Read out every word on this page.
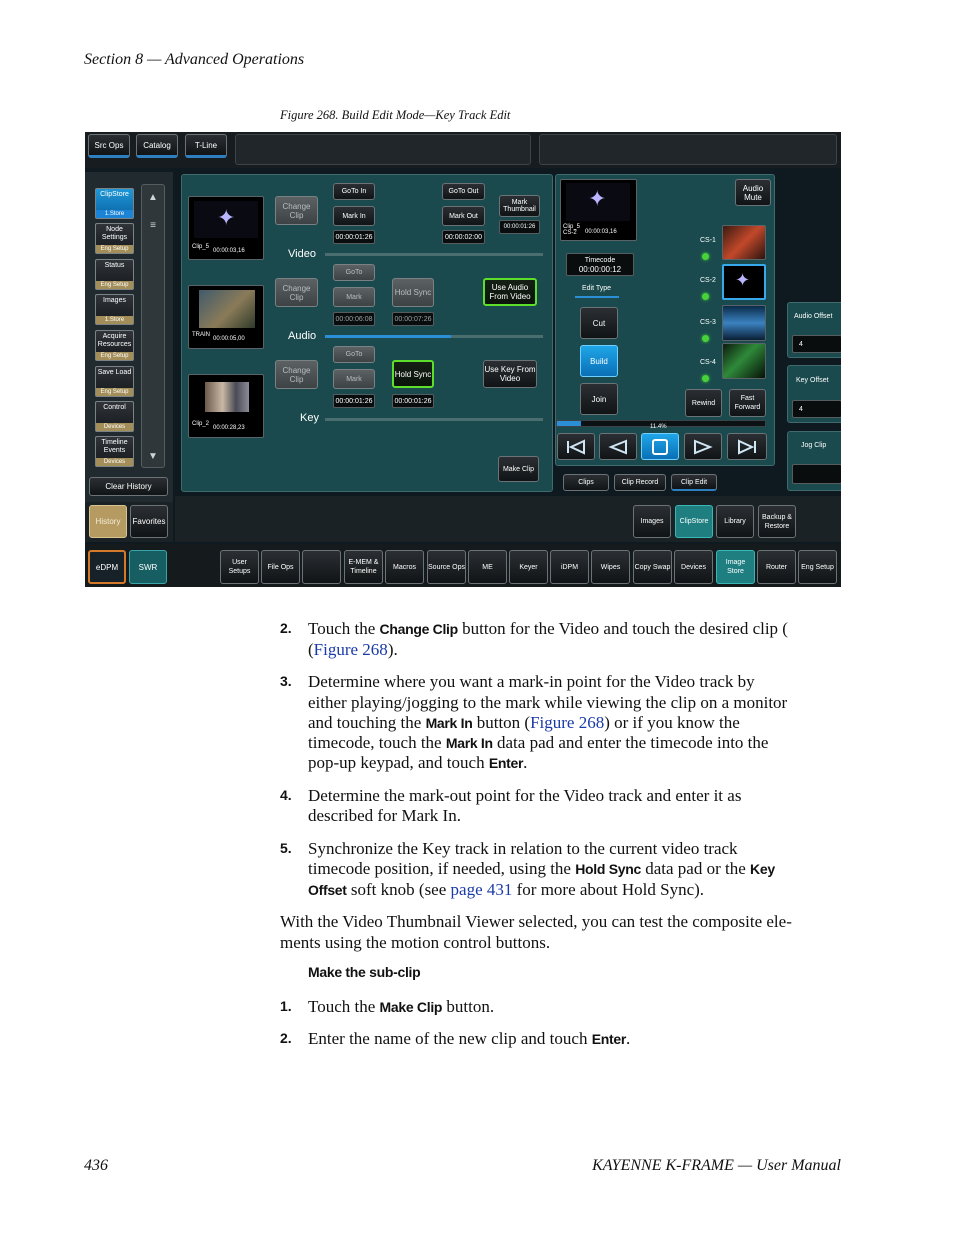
Section 8 — Advanced Operations
Figure 268. Build Edit Mode—Key Track Edit
Src Ops	Catalog	T-Line
ClipStore
1.Store
Node Settings
Eng Setup
Status
Eng Setup
Images
1.Store
Acquire Resources
Eng Setup
Save Load
Eng Setup
Control
Devices
Timeline Events
Devices
▲
≡
▼
Clear History
History	Favorites
✦
Clip_5
00:00:03,16
Change Clip
Video
GoTo In
Mark In
00:00:01:26
GoTo Out
Mark Out
00:00:02:00
Mark Thumbnail
00:00:01:26
TRAIN
00:00:05,00
Change Clip
Audio
GoTo
Mark
00:00:06:08
Hold Sync
00:00:07:26
Use Audio From Video
Clip_2
00:00:28,23
Change Clip
Key
GoTo
Mark
00:00:01:26
Hold Sync
00:00:01:26
Use Key From Video
Make Clip
✦
Clip_5 CS-2	00:00:03,16
Timecode
00:00:00:12
Edit Type
Cut
Build
Join
11.4%
Audio Mute
CS-1
CS-2 ✦
CS-3
CS-4
Rewind
Fast Forward
Audio Offset
4
Key Offset
4
Jog Clip
Clips	Clip Record	Clip Edit
Images	ClipStore	Library
Backup & Restore
eDPM	SWR	User Setups
File Ops
E-MEM & Timeline
Macros	Source Ops	ME	Keyer	iDPM	Wipes	Copy Swap	Devices
Image Store
Router	Eng Setup
2. Touch the Change Clip button for the Video and touch the desired clip (
(Figure 268).
3. Determine where you want a mark-in point for the Video track by
either playing/jogging to the mark while viewing the clip on a monitor
and touching the Mark In button (Figure 268) or if you know the
timecode, touch the Mark In data pad and enter the timecode into the
pop-up keypad, and touch Enter.
4. Determine the mark-out point for the Video track and enter it as
described for Mark In.
5. Synchronize the Key track in relation to the current video track
timecode position, if needed, using the Hold Sync data pad or the Key
Offset soft knob (see page 431 for more about Hold Sync).
With the Video Thumbnail Viewer selected, you can test the composite ele-
ments using the motion control buttons.
Make the sub-clip
1. Touch the Make Clip button.
2. Enter the name of the new clip and touch Enter.
436	KAYENNE K-FRAME — User Manual
